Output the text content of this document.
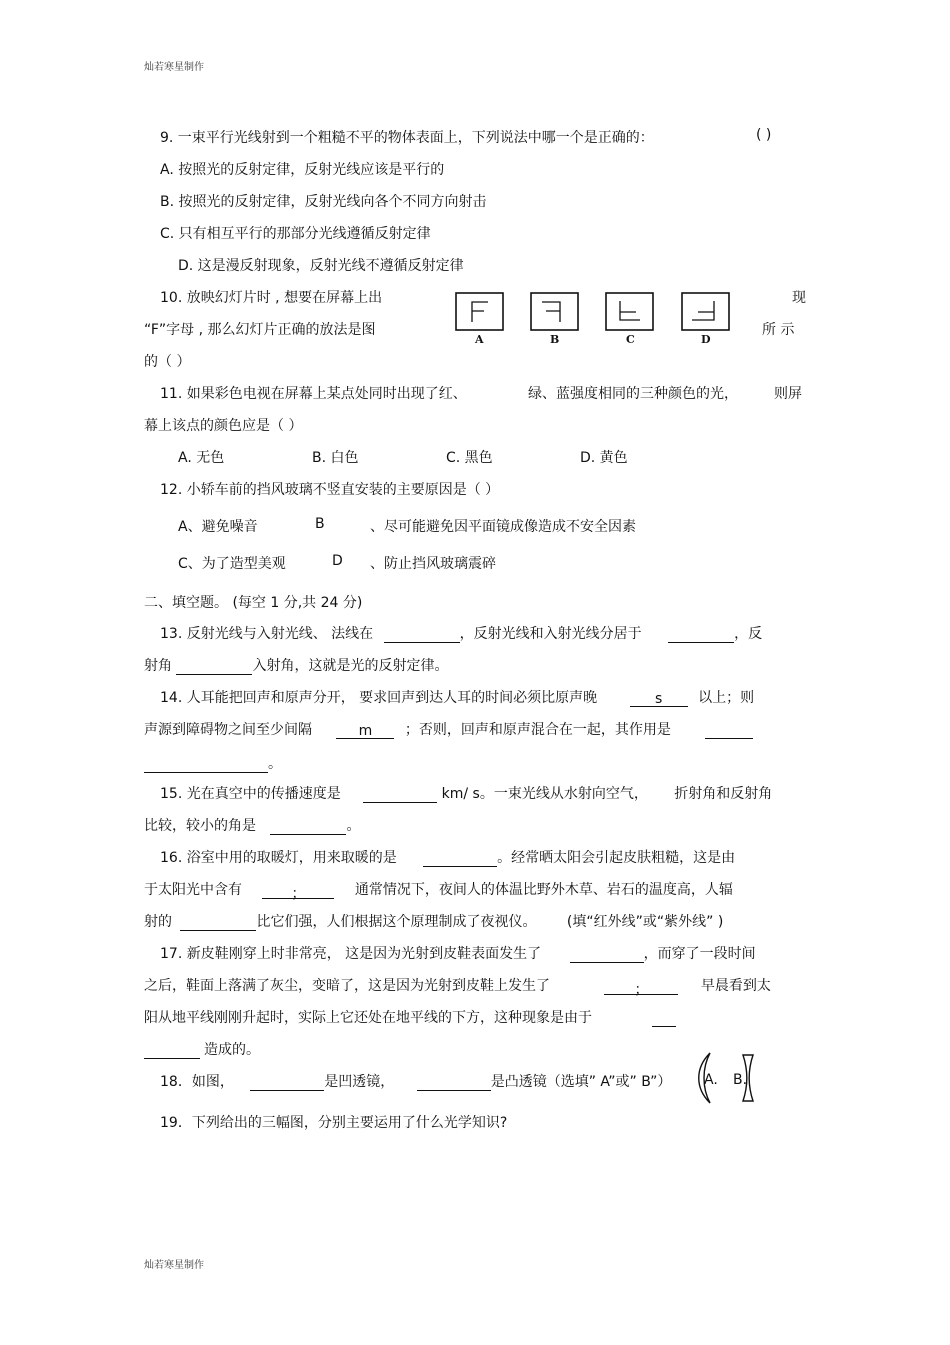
灿若寒星制作
9. 一束平行光线射到一个粗糙不平的物体表面上，下列说法中哪一个是正确的：	( )
A. 按照光的反射定律，反射光线应该是平行的
B. 按照光的反射定律，反射光线向各个不同方向射击
C. 只有相互平行的那部分光线遵循反射定律
D. 这是漫反射现象，反射光线不遵循反射定律
10. 放映幻灯片时 , 想要在屏幕上出	现
“F”字母 , 那么幻灯片正确的放法是图	所 示
的（ ）
A	B	C	D
11. 如果彩色电视在屏幕上某点处同时出现了红、	绿、蓝强度相同的三种颜色的光，	则屏
幕上该点的颜色应是（ ）
A. 无色	B. 白色	C. 黑色	D. 黄色
12. 小轿车前的挡风玻璃不竖直安装的主要原因是（ ）
A、避免噪音	B	、尽可能避免因平面镜成像造成不安全因素
C、为了造型美观	D 、防止挡风玻璃震碎
二、填空题。 (每空 1 分,共 24 分)
13. 反射光线与入射光线、 法线在	，反射光线和入射光线分居于	，反
射角	入射角，这就是光的反射定律。
14. 人耳能把回声和原声分开， 要求回声到达人耳的时间必须比原声晚	s	以上；则
声源到障碍物之间至少间隔	m ；否则，回声和原声混合在一起，其作用是
。
15. 光在真空中的传播速度是	km/ s。一束光线从水射向空气， 折射角和反射角
比较，较小的角是	。
16. 浴室中用的取暖灯，用来取暖的是	。经常晒太阳会引起皮肤粗糙，这是由
于太阳光中含有	；	通常情况下，夜间人的体温比野外木草、岩石的温度高，人辐
射的	比它们强，人们根据这个原理制成了夜视仪。 (填“红外线”或“紫外线” )
17. 新皮鞋刚穿上时非常亮， 这是因为光射到皮鞋表面发生了	，而穿了一段时间
之后，鞋面上落满了灰尘，变暗了，这是因为光射到皮鞋上发生了	；	早晨看到太
阳从地平线刚刚升起时，实际上它还处在地平线的下方，这种现象是由于
造成的。
18．如图，	是凹透镜，	是凸透镜（选填” A”或” B”） A. B.
19．下列给出的三幅图，分别主要运用了什么光学知识?
灿若寒星制作
